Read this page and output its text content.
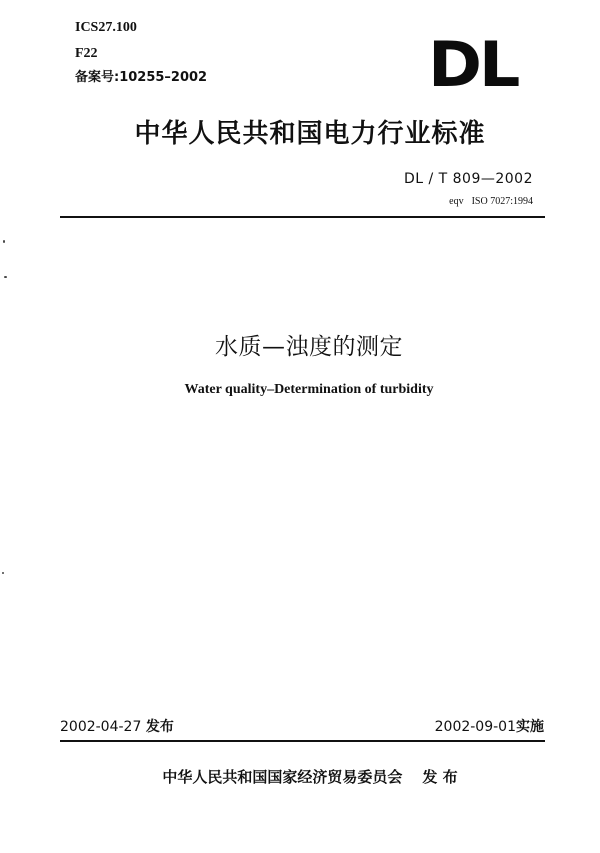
ICS27.100
F22
备案号:10255–2002	DL
中华人民共和国电力行业标准
DL / T 809—2002
eqv ISO 7027:1994
水质—浊度的测定
Water quality–Determination of turbidity
2002-04-27 发布	2002-09-01实施
中华人民共和国国家经济贸易委员会 发 布
